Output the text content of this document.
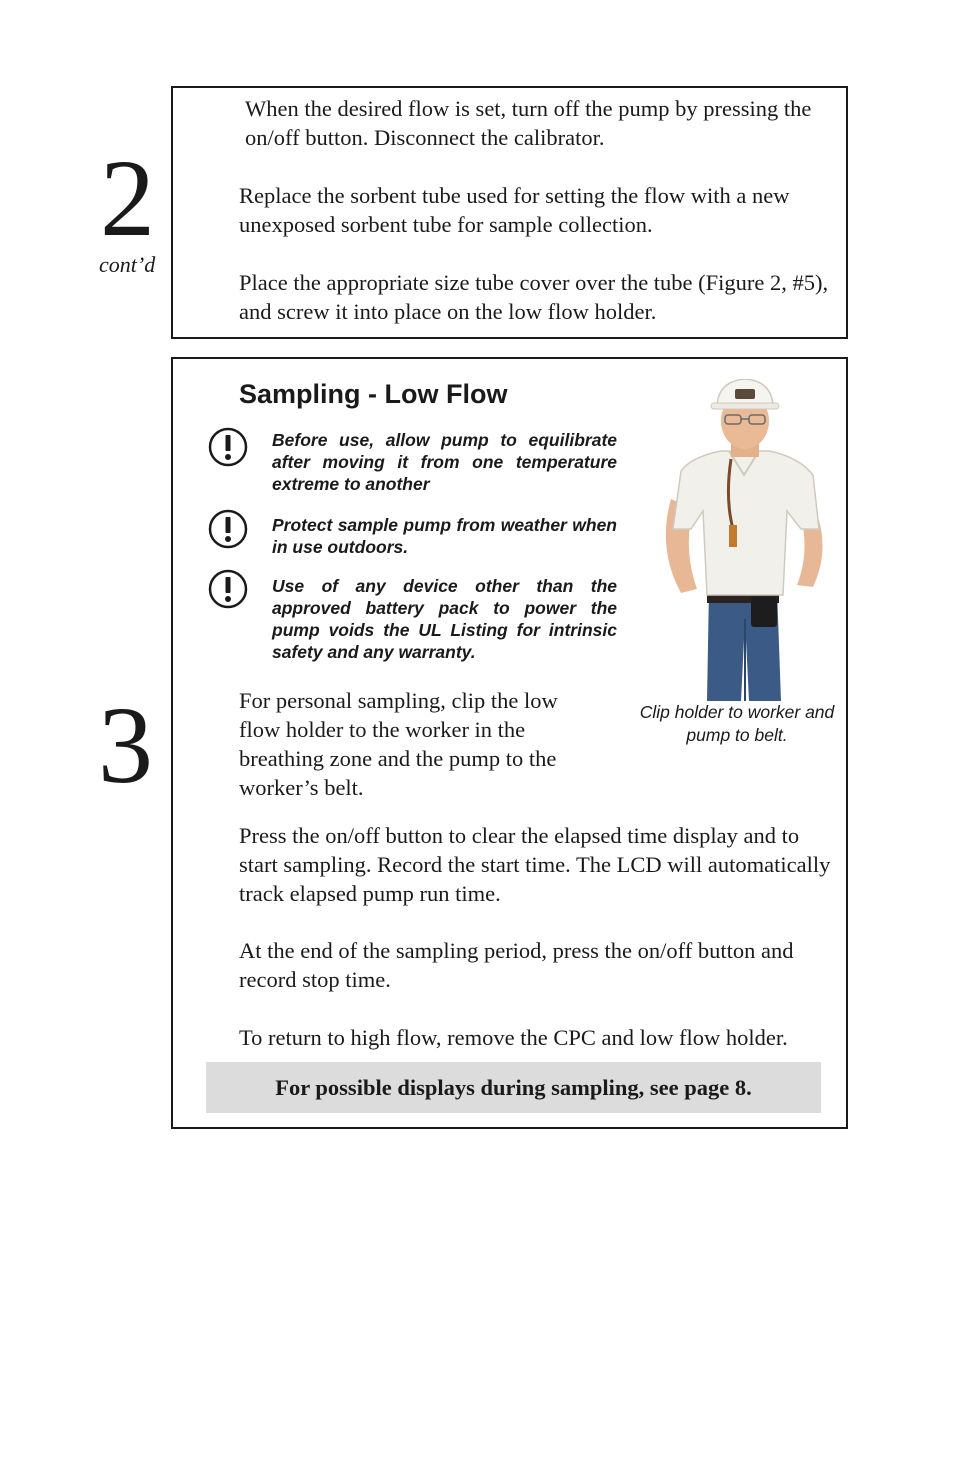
2
cont’d

When the desired flow is set, turn off the pump by pressing the on/off button. Disconnect the calibrator.

Replace the sorbent tube used for setting the flow with a new unexposed sorbent tube for sample collection.

Place the appropriate size tube cover over the tube (Figure 2, #5), and screw it into place on the low flow holder.

3
Sampling - Low Flow

Before use, allow pump to equilibrate after moving it from one temperature extreme to another

Protect sample pump from weather when in use outdoors.

Use of any device other than the approved battery pack to power the pump voids the UL Listing for intrinsic safety and any warranty.

Clip holder to worker and pump to belt.

For personal sampling, clip the low flow holder to the worker in the breathing zone and the pump to the worker’s belt.

Press the on/off button to clear the elapsed time display and to start sampling. Record the start time. The LCD will automatically track elapsed pump run time.

At the end of the sampling period, press the on/off button and record stop time.

To return to high flow, remove the CPC and low flow holder.

For possible displays during sampling, see page 8.
